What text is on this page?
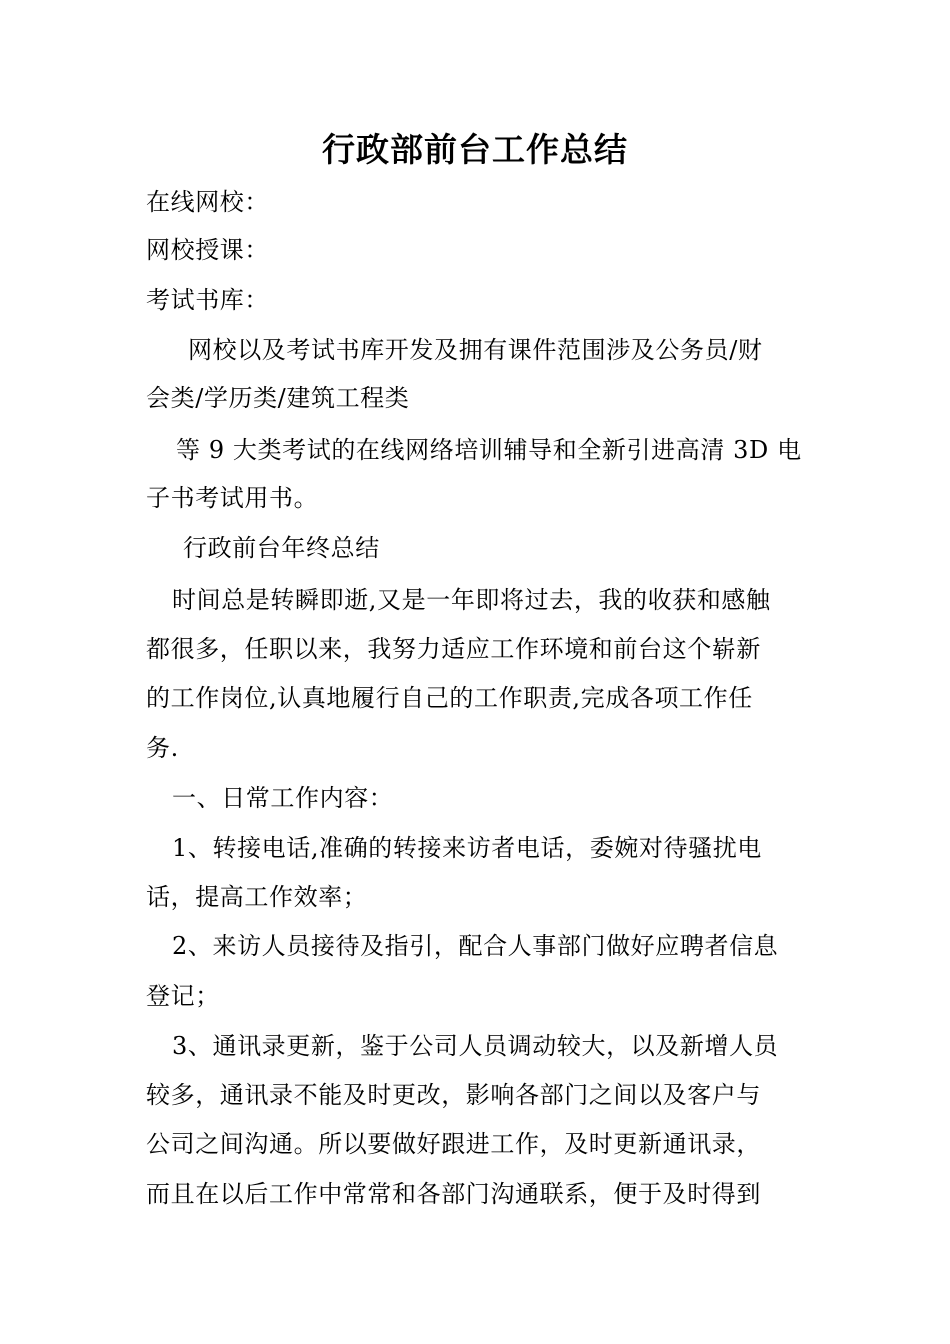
行政部前台工作总结
在线网校：
网校授课：
考试书库：
网校以及考试书库开发及拥有课件范围涉及公务员/财
会类/学历类/建筑工程类
等 9 大类考试的在线网络培训辅导和全新引进高清 3D 电
子书考试用书。
行政前台年终总结
时间总是转瞬即逝,又是一年即将过去，我的收获和感触
都很多，任职以来，我努力适应工作环境和前台这个崭新
的工作岗位,认真地履行自己的工作职责,完成各项工作任
务.
一、日常工作内容：
1、转接电话,准确的转接来访者电话，委婉对待骚扰电
话，提高工作效率；
2、来访人员接待及指引，配合人事部门做好应聘者信息
登记；
3、通讯录更新，鉴于公司人员调动较大，以及新增人员
较多，通讯录不能及时更改，影响各部门之间以及客户与
公司之间沟通。所以要做好跟进工作，及时更新通讯录，
而且在以后工作中常常和各部门沟通联系，便于及时得到
